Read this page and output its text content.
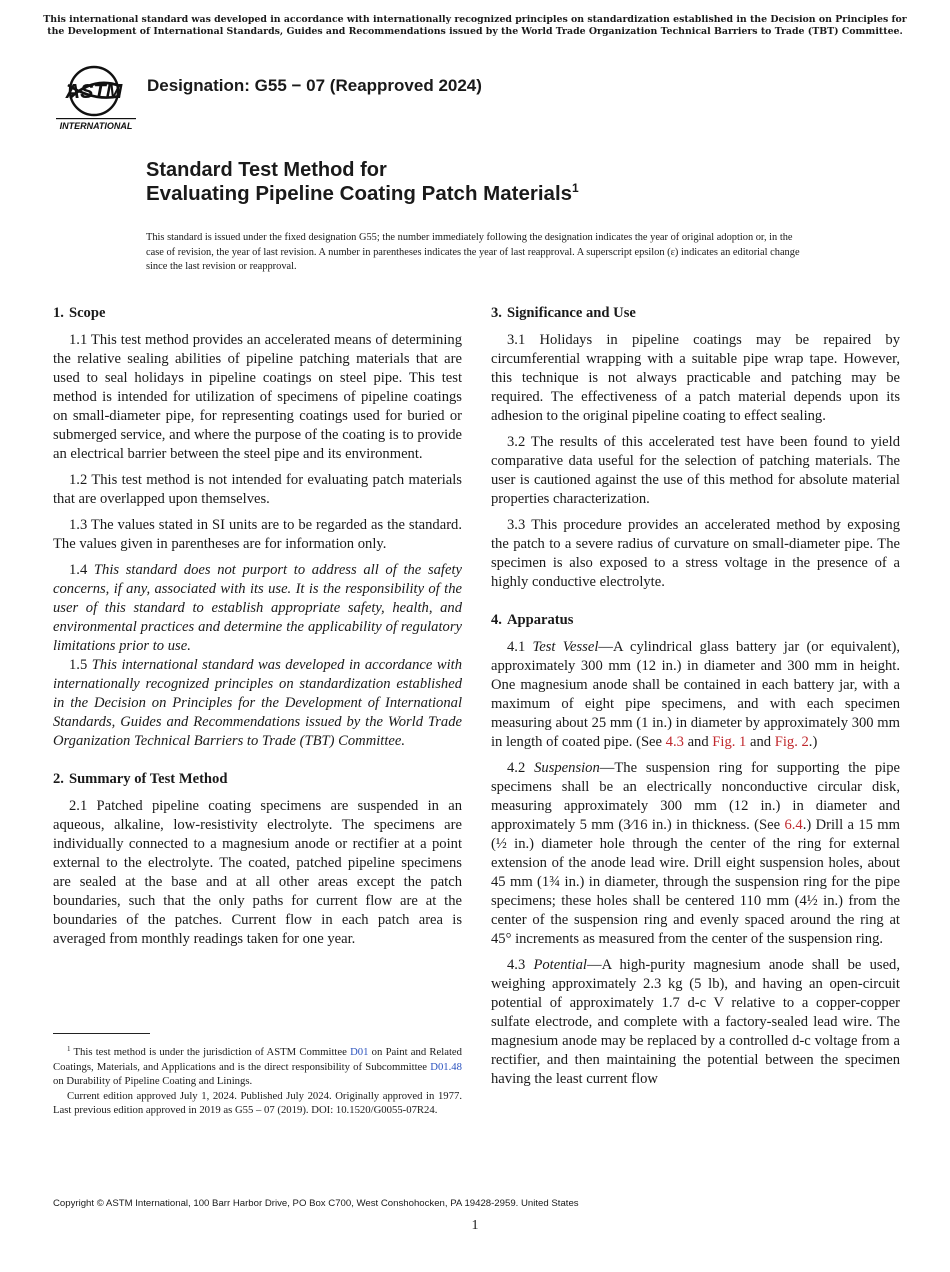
This international standard was developed in accordance with internationally recognized principles on standardization established in the Decision on Principles for the Development of International Standards, Guides and Recommendations issued by the World Trade Organization Technical Barriers to Trade (TBT) Committee.
ASTM
INTERNATIONAL
Designation: G55 − 07 (Reapproved 2024)
Standard Test Method for
Evaluating Pipeline Coating Patch Materials$^1$
This standard is issued under the fixed designation G55; the number immediately following the designation indicates the year of original adoption or, in the case of revision, the year of last revision. A number in parentheses indicates the year of last reapproval. A superscript epsilon (ε) indicates an editorial change since the last revision or reapproval.
1. Scope

1.1 This test method provides an accelerated means of determining the relative sealing abilities of pipeline patching materials that are used to seal holidays in pipeline coatings on steel pipe. This test method is intended for utilization of specimens of pipeline coatings on small-diameter pipe, for representing coatings used for buried or submerged service, and where the purpose of the coating is to provide an electrical barrier between the steel pipe and its environment.

1.2 This test method is not intended for evaluating patch materials that are overlapped upon themselves.

1.3 The values stated in SI units are to be regarded as the standard. The values given in parentheses are for information only.

1.4 This standard does not purport to address all of the safety concerns, if any, associated with its use. It is the responsibility of the user of this standard to establish appropriate safety, health, and environmental practices and determine the applicability of regulatory limitations prior to use.

1.5 This international standard was developed in accordance with internationally recognized principles on standardization established in the Decision on Principles for the Development of International Standards, Guides and Recommendations issued by the World Trade Organization Technical Barriers to Trade (TBT) Committee.

2. Summary of Test Method

2.1 Patched pipeline coating specimens are suspended in an aqueous, alkaline, low-resistivity electrolyte. The specimens are individually connected to a magnesium anode or rectifier at a point external to the electrolyte. The coated, patched pipeline specimens are sealed at the base and at all other areas except the patch boundaries, such that the only paths for current flow are at the boundaries of the patches. Current flow in each patch area is averaged from monthly readings taken for one year.

3. Significance and Use

3.1 Holidays in pipeline coatings may be repaired by circumferential wrapping with a suitable pipe wrap tape. However, this technique is not always practicable and patching may be required. The effectiveness of a patch material depends upon its adhesion to the original pipeline coating to effect sealing.

3.2 The results of this accelerated test have been found to yield comparative data useful for the selection of patching materials. The user is cautioned against the use of this method for absolute material properties characterization.

3.3 This procedure provides an accelerated method by exposing the patch to a severe radius of curvature on small-diameter pipe. The specimen is also exposed to a stress voltage in the presence of a highly conductive electrolyte.

4. Apparatus

4.1 Test Vessel—A cylindrical glass battery jar (or equivalent), approximately 300 mm (12 in.) in diameter and 300 mm in height. One magnesium anode shall be contained in each battery jar, with a maximum of eight pipe specimens, and with each specimen measuring about 25 mm (1 in.) in diameter by approximately 300 mm in length of coated pipe. (See 4.3 and Fig. 1 and Fig. 2.)

4.2 Suspension—The suspension ring for supporting the pipe specimens shall be an electrically nonconductive circular disk, measuring approximately 300 mm (12 in.) in diameter and approximately 5 mm (3⁄16 in.) in thickness. (See 6.4.) Drill a 15 mm (½ in.) diameter hole through the center of the ring for external extension of the anode lead wire. Drill eight suspension holes, about 45 mm (1¾ in.) in diameter, through the suspension ring for the pipe specimens; these holes shall be centered 110 mm (4½ in.) from the center of the suspension ring and evenly spaced around the ring at 45° increments as measured from the center of the suspension ring.

4.3 Potential—A high-purity magnesium anode shall be used, weighing approximately 2.3 kg (5 lb), and having an open-circuit potential of approximately 1.7 d-c V relative to a copper-copper sulfate electrode, and complete with a factory-sealed lead wire. The magnesium anode may be replaced by a controlled d-c voltage from a rectifier, and then maintaining the potential between the specimen having the least current flow

$^1$ This test method is under the jurisdiction of ASTM Committee D01 on Paint and Related Coatings, Materials, and Applications and is the direct responsibility of Subcommittee D01.48 on Durability of Pipeline Coating and Linings.

Current edition approved July 1, 2024. Published July 2024. Originally approved in 1977. Last previous edition approved in 2019 as G55 – 07 (2019). DOI: 10.1520/G0055-07R24.

Copyright © ASTM International, 100 Barr Harbor Drive, PO Box C700, West Conshohocken, PA 19428-2959. United States
1
